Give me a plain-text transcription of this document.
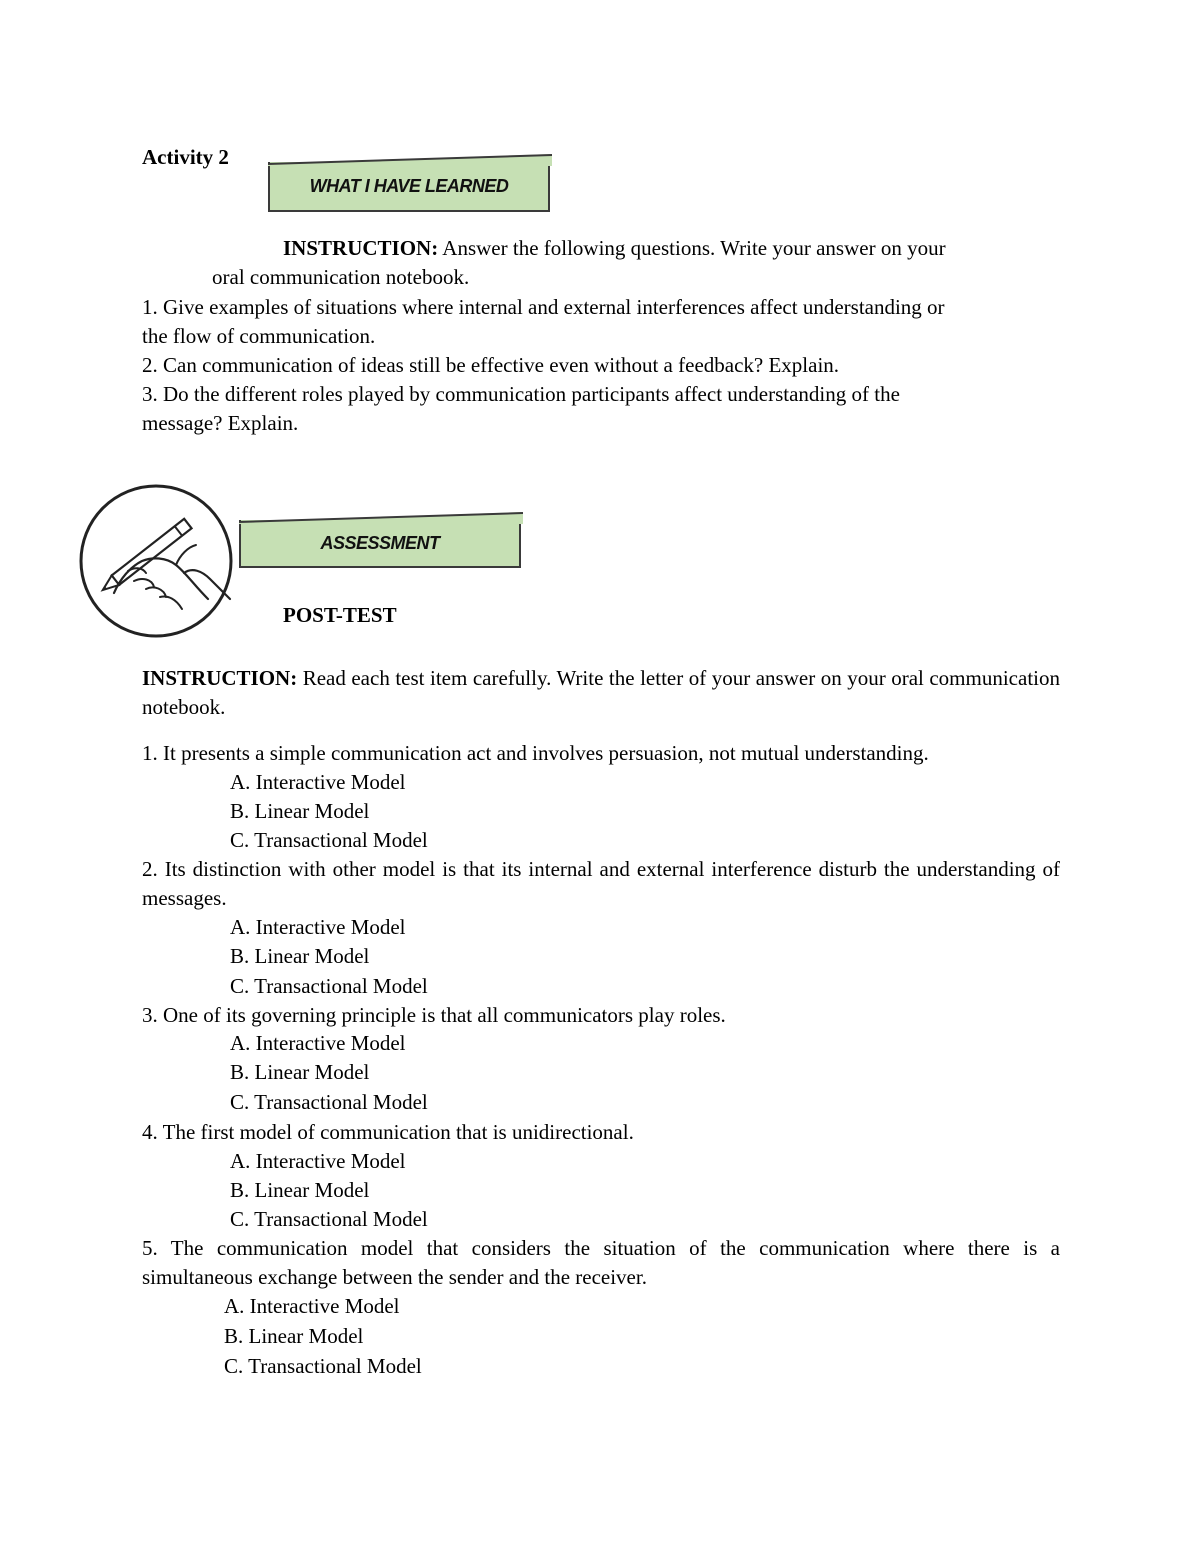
Activity 2
WHAT I HAVE LEARNED
INSTRUCTION: Answer the following questions. Write your answer on your
oral communication notebook.
1. Give examples of situations where internal and external interferences affect understanding or
the flow of communication.
2. Can communication of ideas still be effective even without a feedback? Explain.
3. Do the different roles played by communication participants affect understanding of the
message? Explain.
ASSESSMENT
POST-TEST
INSTRUCTION: Read each test item carefully. Write the letter of your answer on your oral communication notebook.
1. It presents a simple communication act and involves persuasion, not mutual understanding.
A. Interactive Model
B. Linear Model
C. Transactional Model
2. Its distinction with other model is that its internal and external interference disturb the understanding of messages.
A. Interactive Model
B. Linear Model
C. Transactional Model
3. One of its governing principle is that all communicators play roles.
A. Interactive Model
B. Linear Model
C. Transactional Model
4. The first model of communication that is unidirectional.
A. Interactive Model
B. Linear Model
C. Transactional Model
5. The communication model that considers the situation of the communication where there is a simultaneous exchange between the sender and the receiver.
A. Interactive Model
B. Linear Model
C. Transactional Model
